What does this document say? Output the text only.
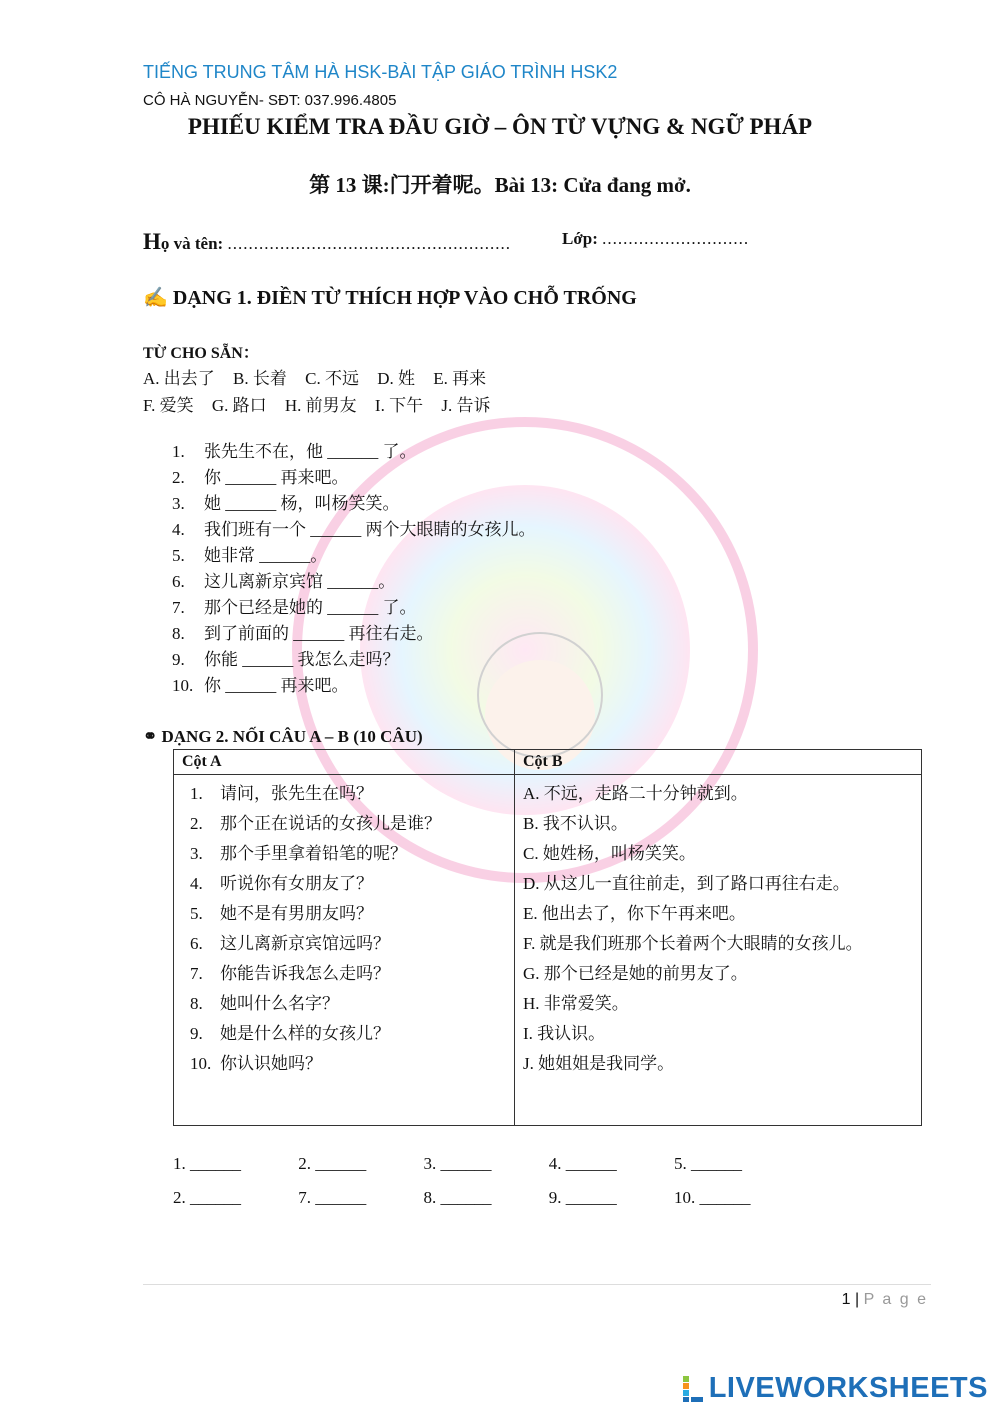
TIẾNG TRUNG TÂM HÀ HSK-BÀI TẬP GIÁO TRÌNH HSK2
CÔ HÀ NGUYỄN- SĐT: 037.996.4805
PHIẾU KIỂM TRA ĐẦU GIỜ – ÔN TỪ VỰNG & NGỮ PHÁP
第 13 课:门开着呢。Bài 13: Cửa đang mở.
Họ và tên: ......................................................	Lớp: ............................
✍ DẠNG 1. ĐIỀN TỪ THÍCH HỢP VÀO CHỖ TRỐNG
TỪ CHO SẴN：
A. 出去了 B. 长着 C. 不远 D. 姓 E. 再来
F. 爱笑 G. 路口 H. 前男友 I. 下午 J. 告诉
1. 张先生不在，他 ______ 了。
2. 你 ______ 再来吧。
3. 她 ______ 杨，叫杨笑笑。
4. 我们班有一个 ______ 两个大眼睛的女孩儿。
5. 她非常 ______。
6. 这儿离新京宾馆 ______。
7. 那个已经是她的 ______ 了。
8. 到了前面的 ______ 再往右走。
9. 你能 ______ 我怎么走吗？
10. 你 ______ 再来吧。
⚭ DẠNG 2. NỐI CÂU A – B (10 CÂU)
Cột A
1. 请问，张先生在吗？
2. 那个正在说话的女孩儿是谁？
3. 那个手里拿着铅笔的呢？
4. 听说你有女朋友了？
5. 她不是有男朋友吗？
6. 这儿离新京宾馆远吗？
7. 你能告诉我怎么走吗？
8. 她叫什么名字？
9. 她是什么样的女孩儿？
10. 你认识她吗？
Cột B
A. 不远，走路二十分钟就到。
B. 我不认识。
C. 她姓杨，叫杨笑笑。
D. 从这儿一直往前走，到了路口再往右走。
E. 他出去了，你下午再来吧。
F. 就是我们班那个长着两个大眼睛的女孩儿。
G. 那个已经是她的前男友了。
H. 非常爱笑。
I. 我认识。
J. 她姐姐是我同学。
1. ______	2. ______	3. ______	4. ______	5. ______
2. ______	7. ______	8. ______	9. ______	10. ______
1 | P a g e
LIVEWORKSHEETS
